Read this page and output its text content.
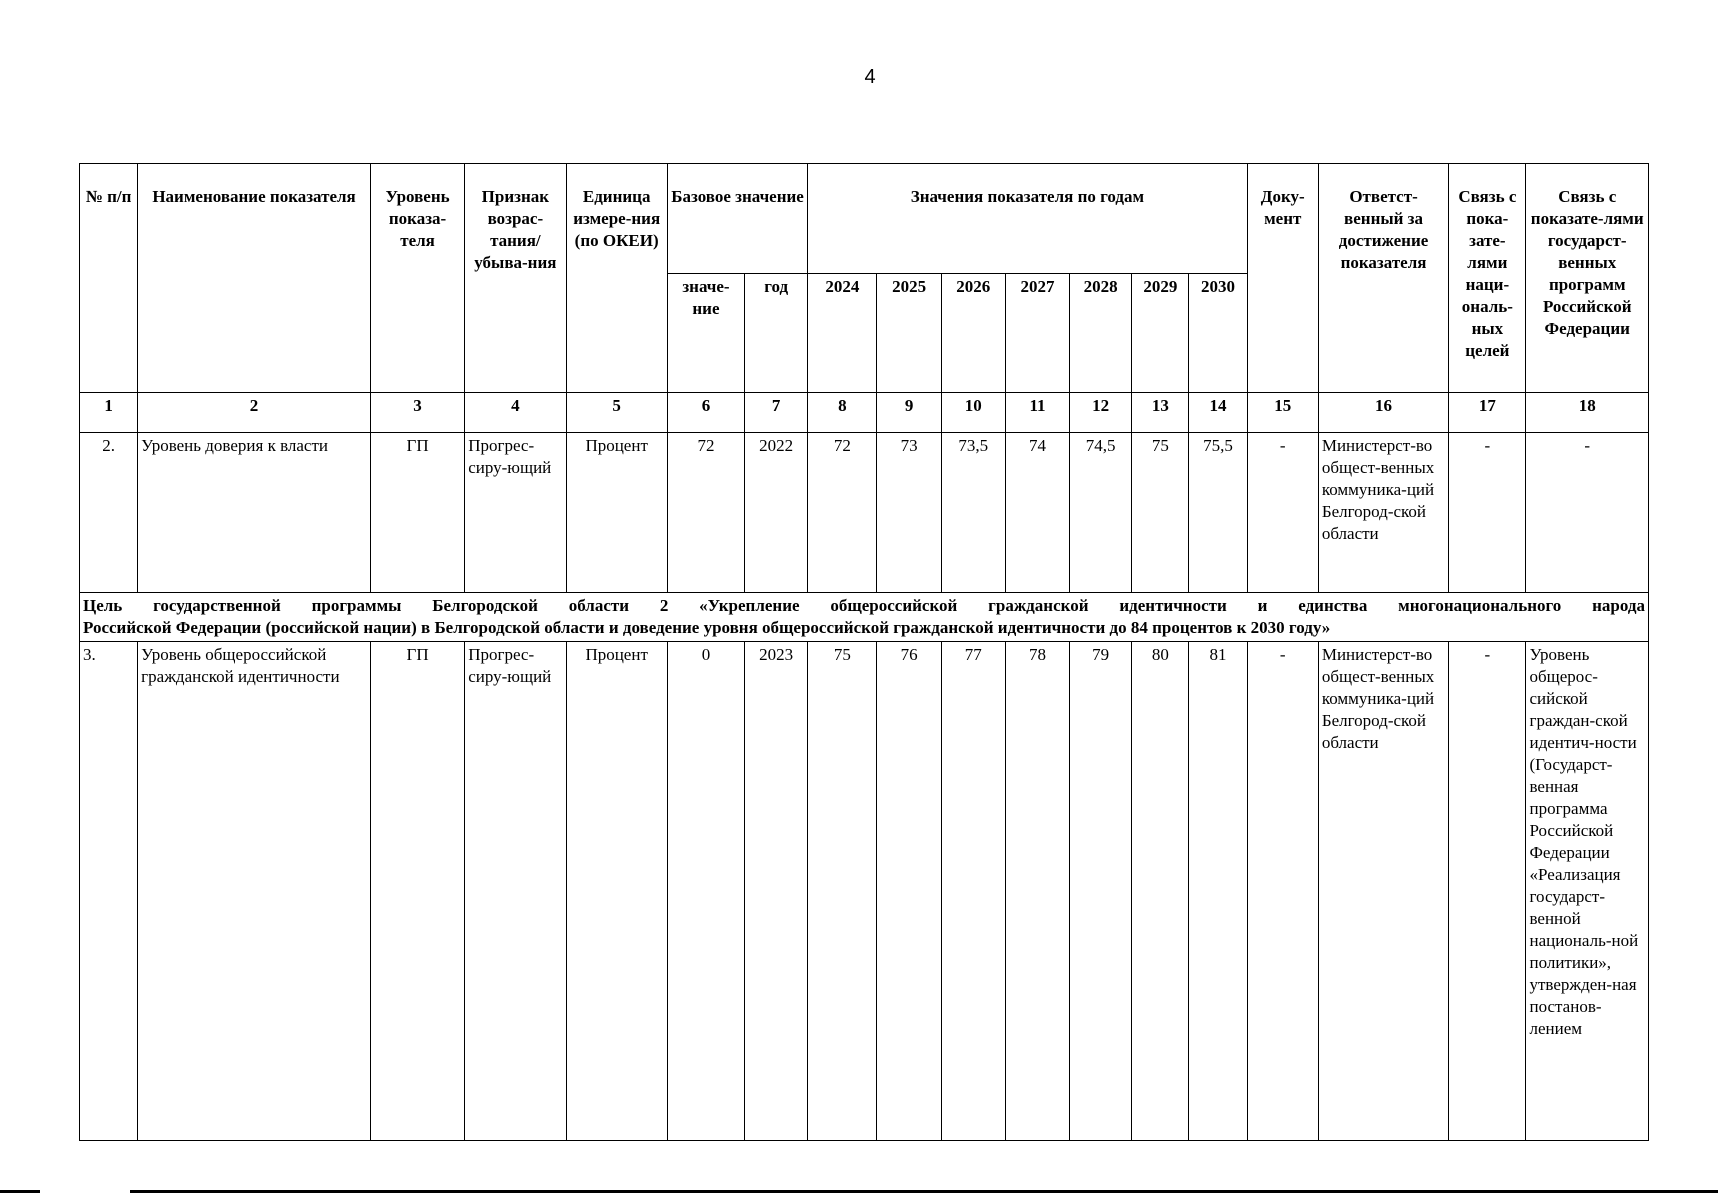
4
№ п/п	Наименование показателя	Уровень показа-теля	Признак возрас-тания/ убыва-ния	Единица измере-ния (по ОКЕИ)	Базовое значение		Значения показателя по годам							Доку-мент	Ответст-венный за достижение показателя	Связь с пока-зате-лями наци-ональ-ных целей	Связь с показате-лями государст-венных программ Российской Федерации
					значе-ние	год	2024	2025	2026	2027	2028	2029	2030				
1	2	3	4	5	6	7	8	9	10	11	12	13	14	15	16	17	18
2.	Уровень доверия к власти	ГП	Прогрес-сиру-ющий	Процент	72	2022	72	73	73,5	74	74,5	75	75,5	-	Министерст-во общест-венных коммуника-ций Белгород-ской области	-	-

Цель государственной программы Белгородской области 2 «Укрепление общероссийской гражданской идентичности и единства многонационального народа
Российской Федерации (российской нации) в Белгородской области и доведение уровня общероссийской гражданской идентичности до 84 процентов к 2030 году»																	

3.	Уровень общероссийской гражданской идентичности	ГП	Прогрес-сиру-ющий	Процент	0	2023	75	76	77	78	79	80	81	-	Министерст-во общест-венных коммуника-ций Белгород-ской области	-	Уровень общерос-сийской граждан-ской идентич-ности (Государст-венная программа Российской Федерации «Реализация государст-венной националь-ной политики», утвержден-ная постанов-лением
